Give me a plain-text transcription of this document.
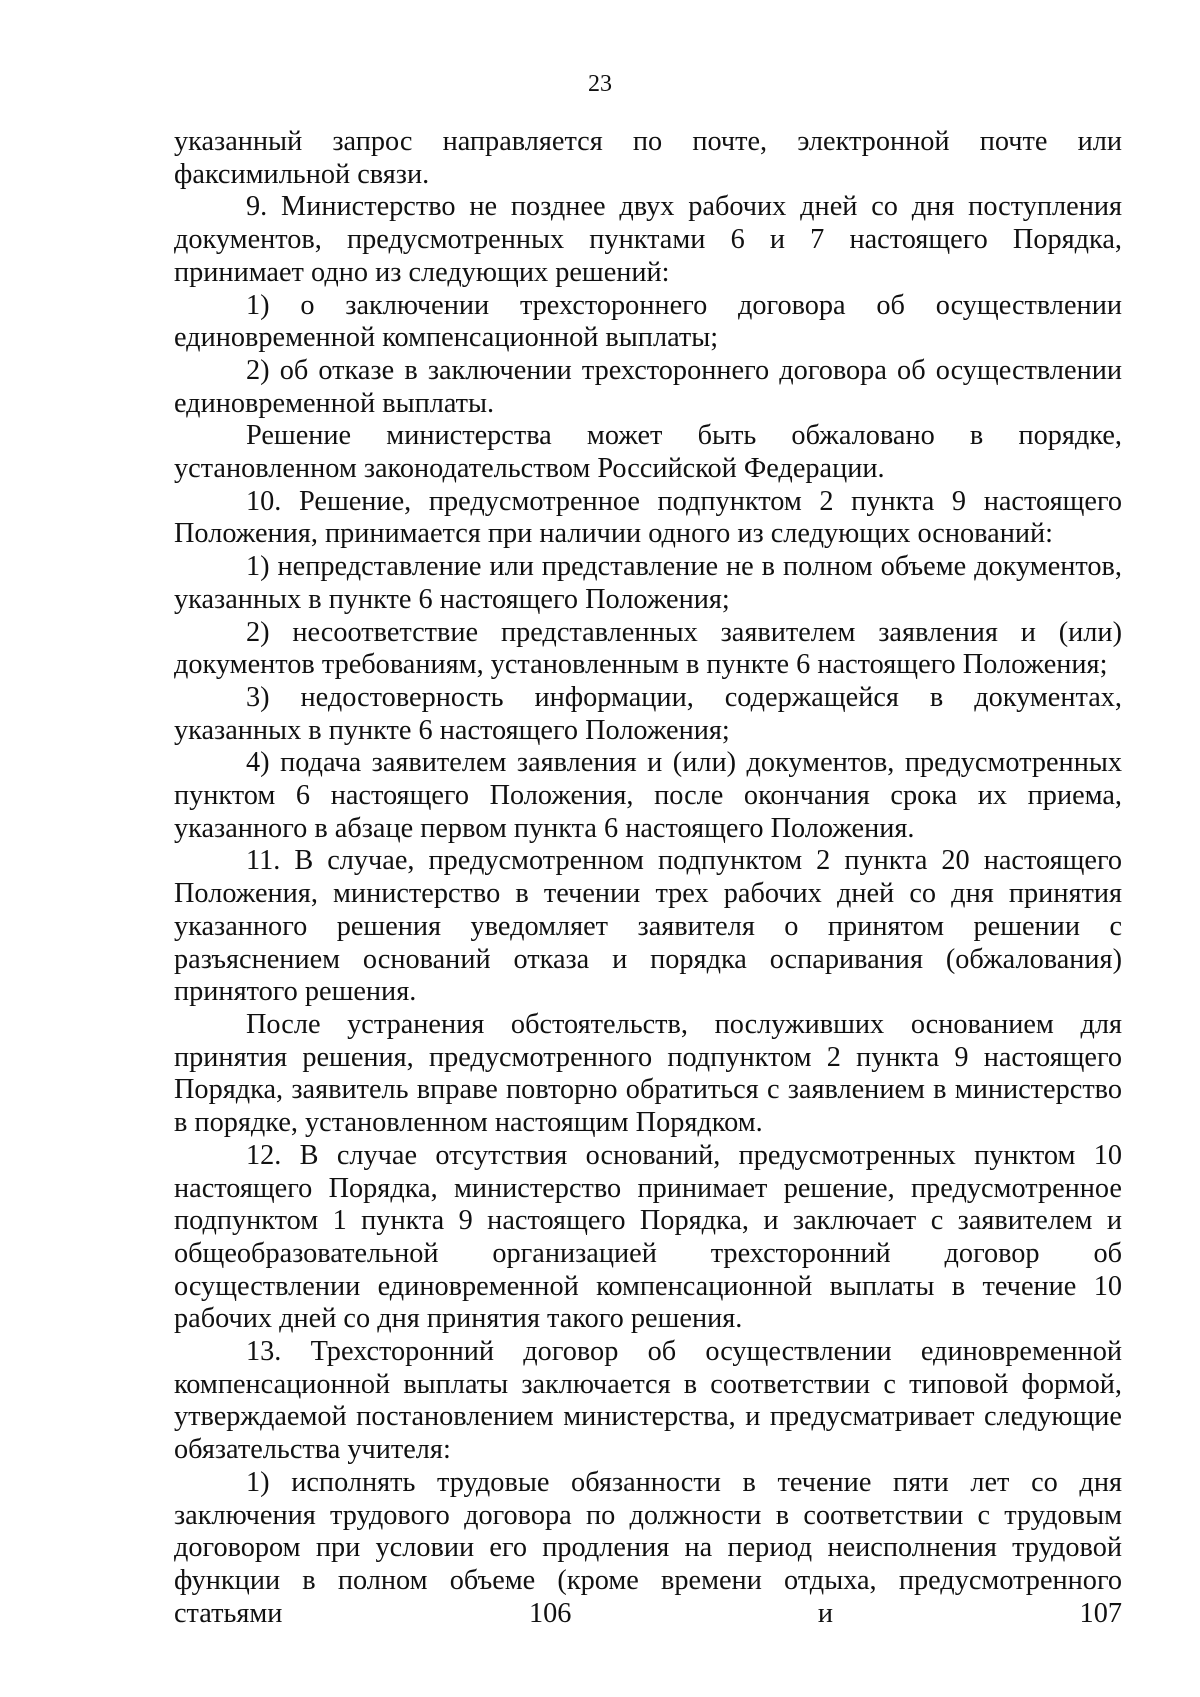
23

указанный запрос направляется по почте, электронной почте или факсимильной связи.

9. Министерство не позднее двух рабочих дней со дня поступления документов, предусмотренных пунктами 6 и 7 настоящего Порядка, принимает одно из следующих решений:

1) о заключении трехстороннего договора об осуществлении единовременной компенсационной выплаты;

2) об отказе в заключении трехстороннего договора об осуществлении единовременной выплаты.

Решение министерства может быть обжаловано в порядке, установленном законодательством Российской Федерации.

10. Решение, предусмотренное подпунктом 2 пункта 9 настоящего Положения, принимается при наличии одного из следующих оснований:

1) непредставление или представление не в полном объеме документов, указанных в пункте 6 настоящего Положения;

2) несоответствие представленных заявителем заявления и (или) документов требованиям, установленным в пункте 6 настоящего Положения;

3) недостоверность информации, содержащейся в документах, указанных в пункте 6 настоящего Положения;

4) подача заявителем заявления и (или) документов, предусмотренных пунктом 6 настоящего Положения, после окончания срока их приема, указанного в абзаце первом пункта 6 настоящего Положения.

11. В случае, предусмотренном подпунктом 2 пункта 20 настоящего Положения, министерство в течении трех рабочих дней со дня принятия указанного решения уведомляет заявителя о принятом решении с разъяснением оснований отказа и порядка оспаривания (обжалования) принятого решения.

После устранения обстоятельств, послуживших основанием для принятия решения, предусмотренного подпунктом 2 пункта 9 настоящего Порядка, заявитель вправе повторно обратиться с заявлением в министерство в порядке, установленном настоящим Порядком.

12. В случае отсутствия оснований, предусмотренных пунктом 10 настоящего Порядка, министерство принимает решение, предусмотренное подпунктом 1 пункта 9 настоящего Порядка, и заключает с заявителем и общеобразовательной организацией трехсторонний договор об осуществлении единовременной компенсационной выплаты в течение 10 рабочих дней со дня принятия такого решения.

13. Трехсторонний договор об осуществлении единовременной компенсационной выплаты заключается в соответствии с типовой формой, утверждаемой постановлением министерства, и предусматривает следующие обязательства учителя:

1) исполнять трудовые обязанности в течение пяти лет со дня заключения трудового договора по должности в соответствии с трудовым договором при условии его продления на период неисполнения трудовой функции в полном объеме (кроме времени отдыха, предусмотренного статьями 106 и 107
